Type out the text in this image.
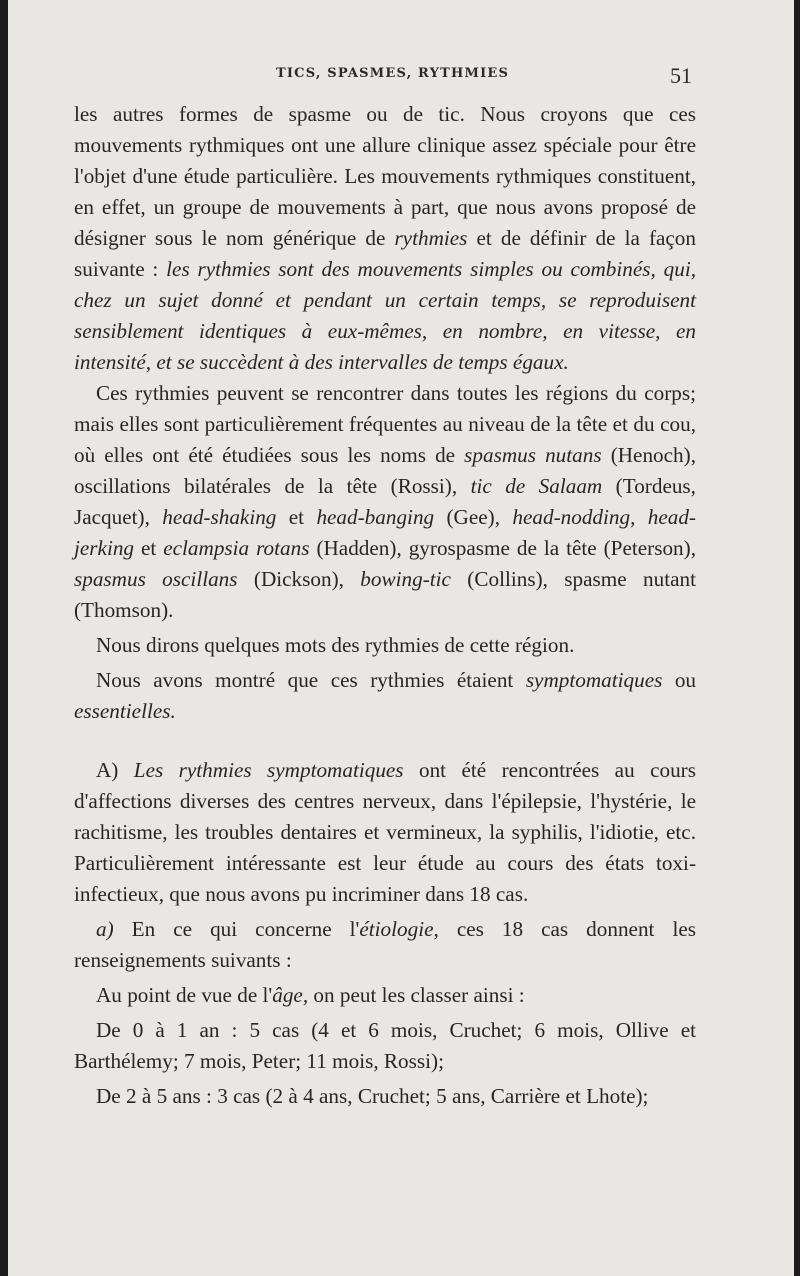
TICS, SPASMES, RYTHMIES	51

les autres formes de spasme ou de tic. Nous croyons que ces mouvements rythmiques ont une allure clinique assez spéciale pour être l'objet d'une étude particulière. Les mouvements rythmiques constituent, en effet, un groupe de mouvements à part, que nous avons proposé de désigner sous le nom générique de rythmies et de définir de la façon suivante : les rythmies sont des mouvements simples ou combinés, qui, chez un sujet donné et pendant un certain temps, se reproduisent sensiblement identiques à eux-mêmes, en nombre, en vitesse, en intensité, et se succèdent à des intervalles de temps égaux.

Ces rythmies peuvent se rencontrer dans toutes les régions du corps; mais elles sont particulièrement fréquentes au niveau de la tête et du cou, où elles ont été étudiées sous les noms de spasmus nutans (Henoch), oscillations bilatérales de la tête (Rossi), tic de Salaam (Tordeus, Jacquet), head-shaking et head-banging (Gee), head-nodding, head-jerking et eclampsia rotans (Hadden), gyrospasme de la tête (Peterson), spasmus oscillans (Dickson), bowing-tic (Collins), spasme nutant (Thomson).

Nous dirons quelques mots des rythmies de cette région.

Nous avons montré que ces rythmies étaient symptomatiques ou essentielles.

A) Les rythmies symptomatiques ont été rencontrées au cours d'affections diverses des centres nerveux, dans l'épilepsie, l'hystérie, le rachitisme, les troubles dentaires et vermineux, la syphilis, l'idiotie, etc. Particulièrement intéressante est leur étude au cours des états toxi-infectieux, que nous avons pu incriminer dans 18 cas.

a) En ce qui concerne l'étiologie, ces 18 cas donnent les renseignements suivants :

Au point de vue de l'âge, on peut les classer ainsi :

De 0 à 1 an : 5 cas (4 et 6 mois, Cruchet; 6 mois, Ollive et Barthélemy; 7 mois, Peter; 11 mois, Rossi);

De 2 à 5 ans : 3 cas (2 à 4 ans, Cruchet; 5 ans, Carrière et Lhote);
